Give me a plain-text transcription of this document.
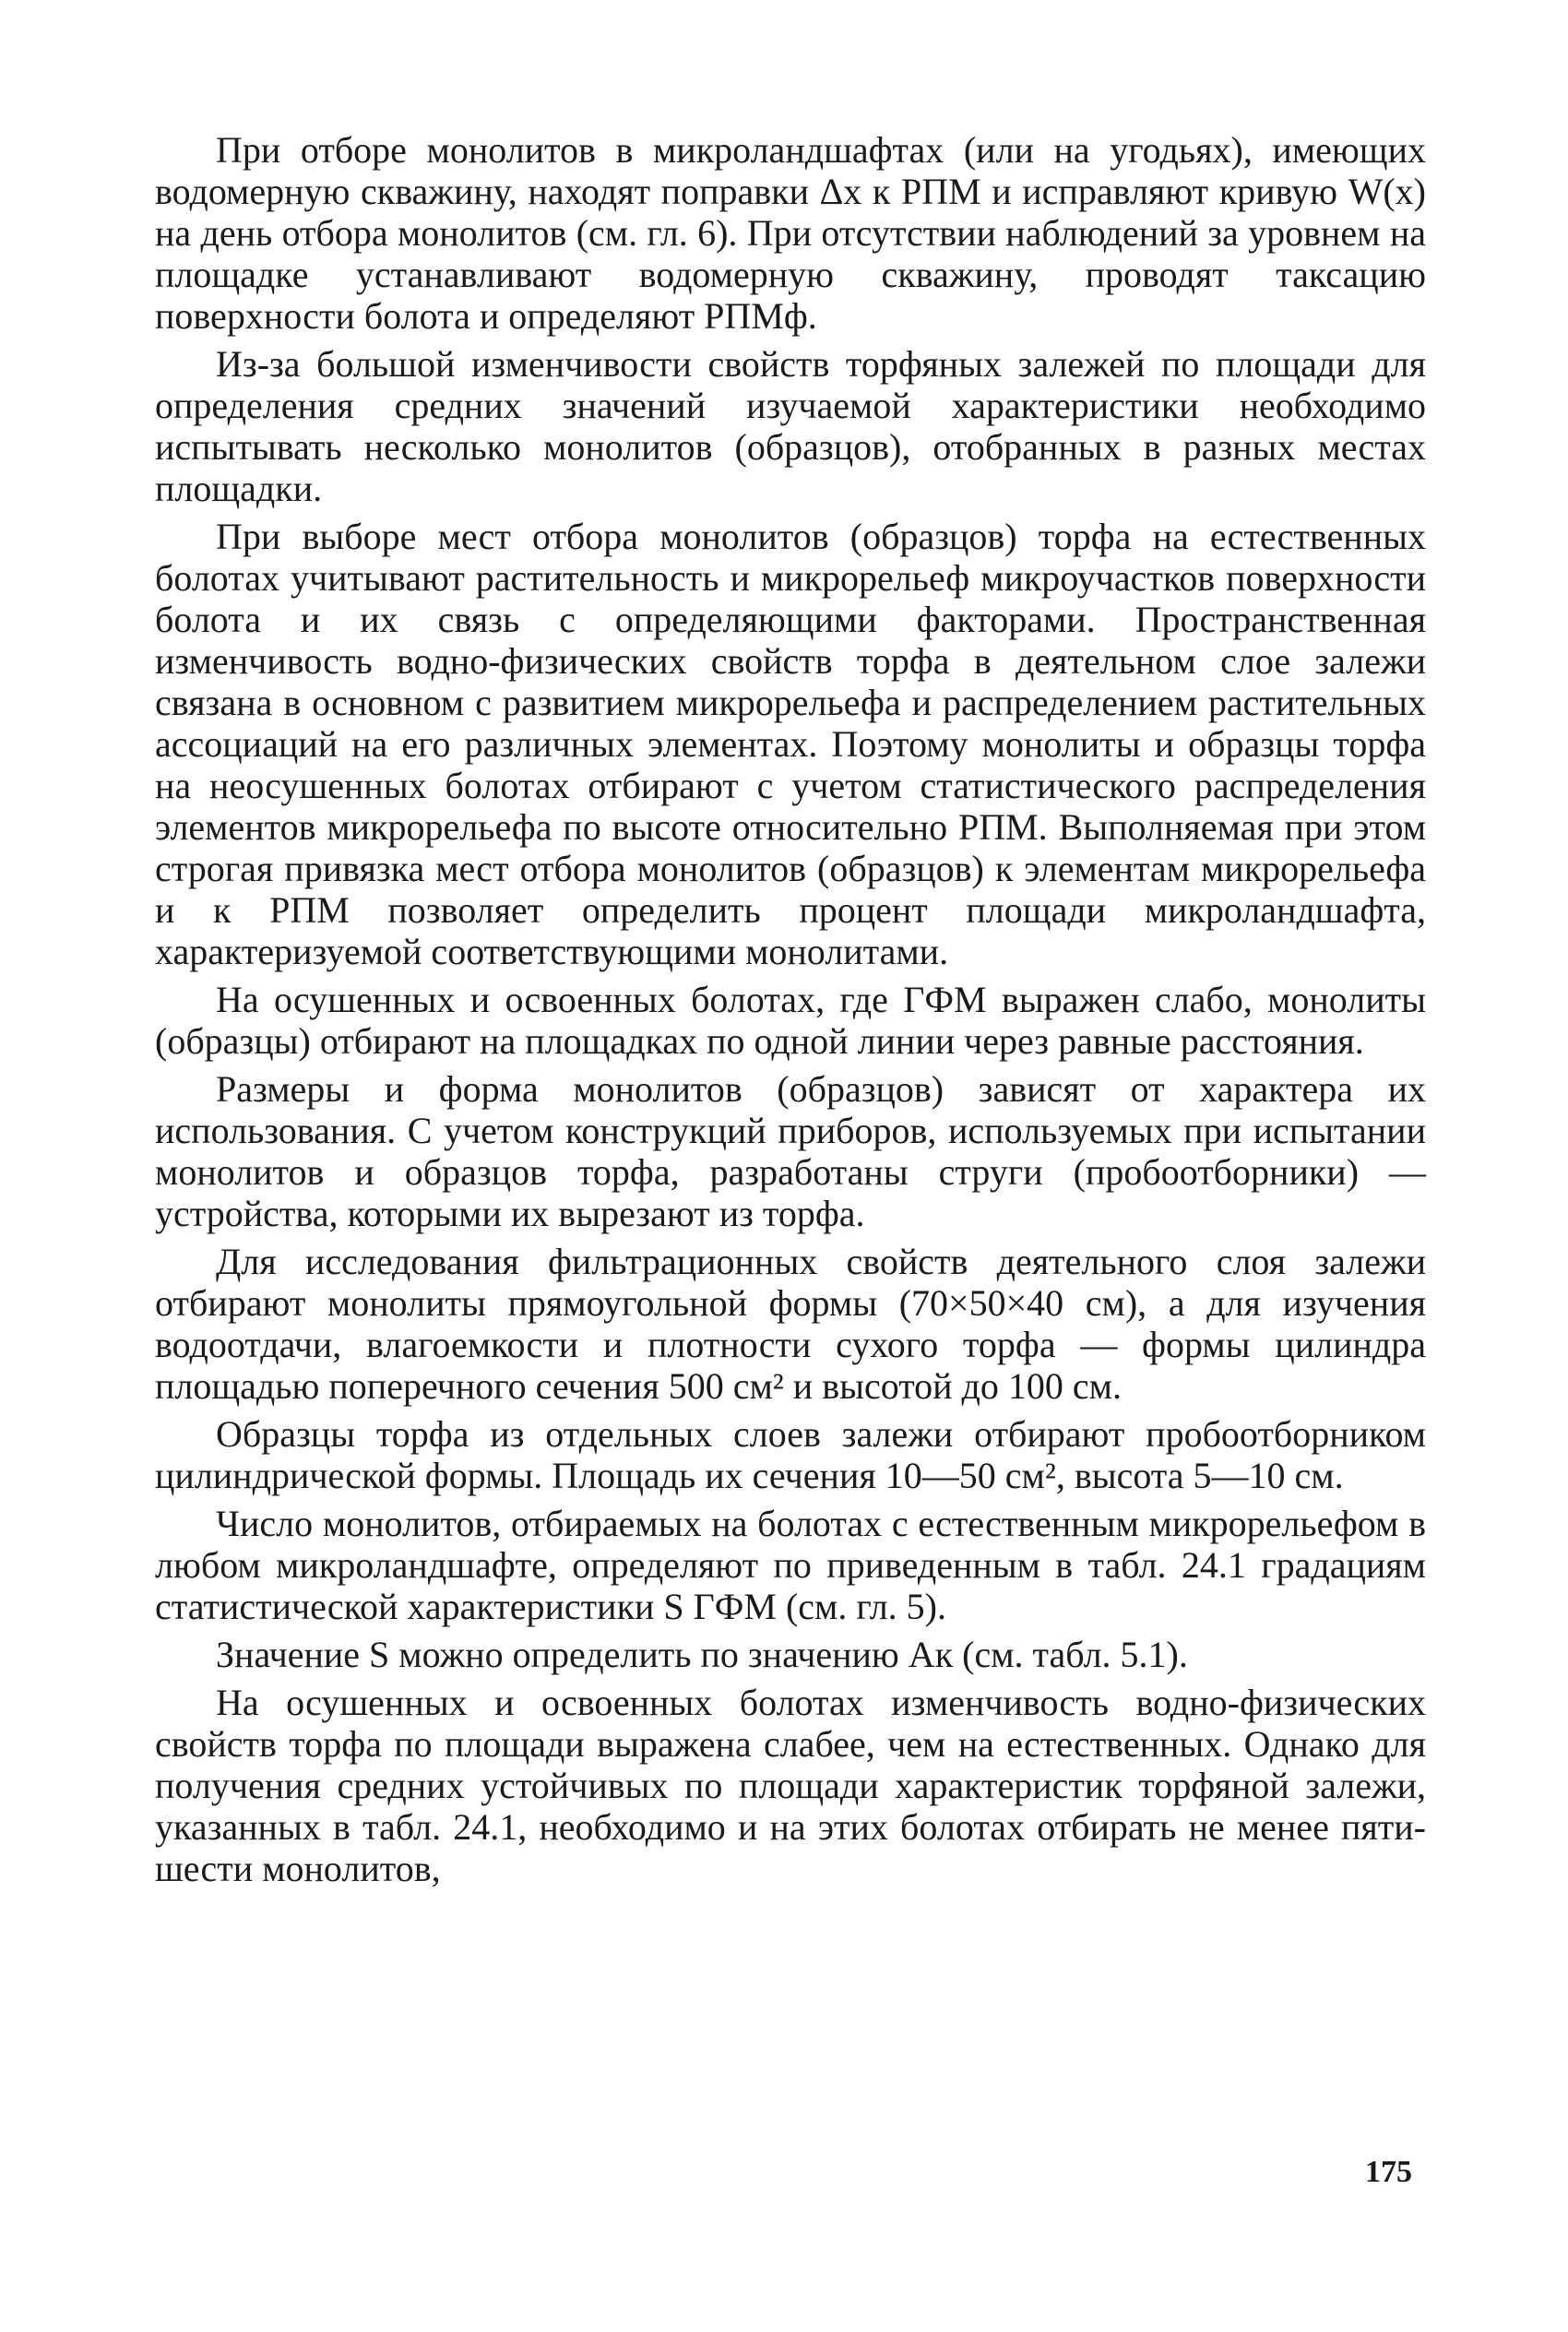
При отборе монолитов в микроландшафтах (или на угодьях), имеющих водомерную скважину, находят поправки Δx к РПМ и исправляют кривую W(x) на день отбора монолитов (см. гл. 6). При отсутствии наблюдений за уровнем на площадке устанавливают водомерную скважину, проводят таксацию поверхности болота и определяют РПМф.

Из-за большой изменчивости свойств торфяных залежей по площади для определения средних значений изучаемой характеристики необходимо испытывать несколько монолитов (образцов), отобранных в разных местах площадки.

При выборе мест отбора монолитов (образцов) торфа на естественных болотах учитывают растительность и микрорельеф микроучастков поверхности болота и их связь с определяющими факторами. Пространственная изменчивость водно-физических свойств торфа в деятельном слое залежи связана в основном с развитием микрорельефа и распределением растительных ассоциаций на его различных элементах. Поэтому монолиты и образцы торфа на неосушенных болотах отбирают с учетом статистического распределения элементов микрорельефа по высоте относительно РПМ. Выполняемая при этом строгая привязка мест отбора монолитов (образцов) к элементам микрорельефа и к РПМ позволяет определить процент площади микроландшафта, характеризуемой соответствующими монолитами.

На осушенных и освоенных болотах, где ГФМ выражен слабо, монолиты (образцы) отбирают на площадках по одной линии через равные расстояния.

Размеры и форма монолитов (образцов) зависят от характера их использования. С учетом конструкций приборов, используемых при испытании монолитов и образцов торфа, разработаны струги (пробоотборники) — устройства, которыми их вырезают из торфа.

Для исследования фильтрационных свойств деятельного слоя залежи отбирают монолиты прямоугольной формы (70×50×40 см), а для изучения водоотдачи, влагоемкости и плотности сухого торфа — формы цилиндра площадью поперечного сечения 500 см² и высотой до 100 см.

Образцы торфа из отдельных слоев залежи отбирают пробоотборником цилиндрической формы. Площадь их сечения 10—50 см², высота 5—10 см.

Число монолитов, отбираемых на болотах с естественным микрорельефом в любом микроландшафте, определяют по приведенным в табл. 24.1 градациям статистической характеристики S ГФМ (см. гл. 5).

Значение S можно определить по значению Aк (см. табл. 5.1).

На осушенных и освоенных болотах изменчивость водно-физических свойств торфа по площади выражена слабее, чем на естественных. Однако для получения средних устойчивых по площади характеристик торфяной залежи, указанных в табл. 24.1, необходимо и на этих болотах отбирать не менее пяти-шести монолитов,

175
